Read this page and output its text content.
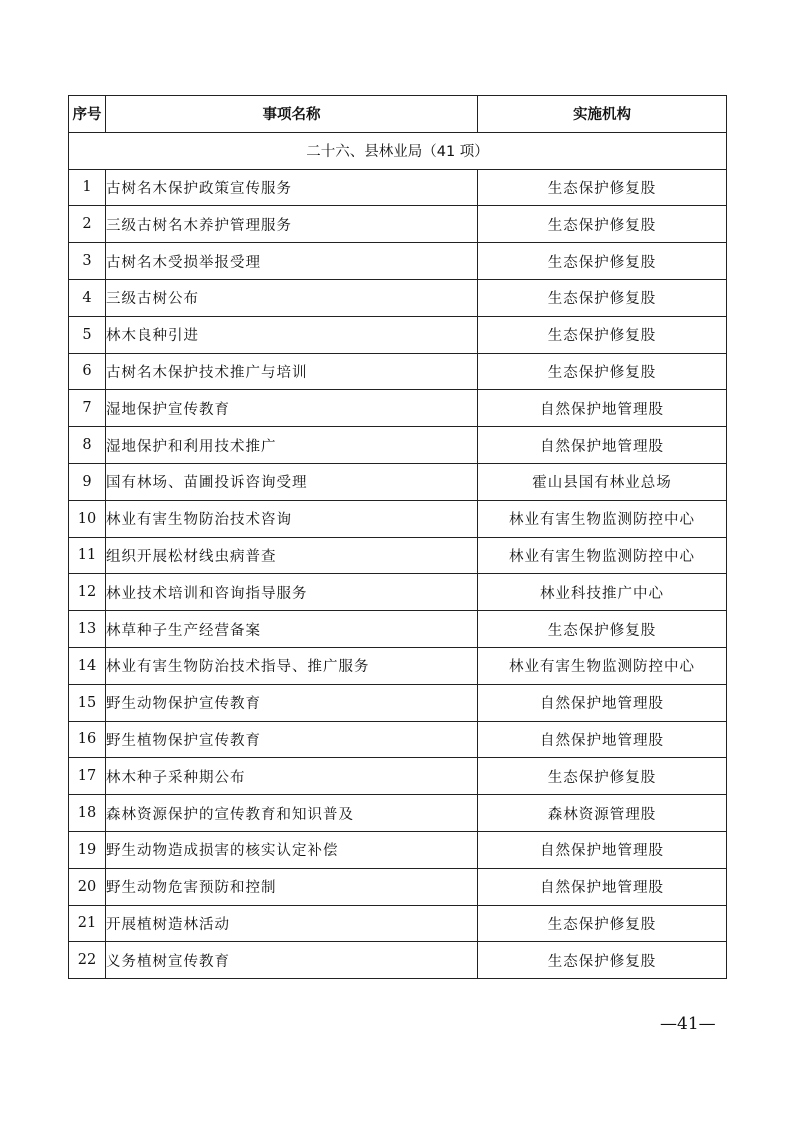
序号	事项名称	实施机构
二十六、县林业局（41 项）		
1	古树名木保护政策宣传服务	生态保护修复股
2	三级古树名木养护管理服务	生态保护修复股
3	古树名木受损举报受理	生态保护修复股
4	三级古树公布	生态保护修复股
5	林木良种引进	生态保护修复股
6	古树名木保护技术推广与培训	生态保护修复股
7	湿地保护宣传教育	自然保护地管理股
8	湿地保护和利用技术推广	自然保护地管理股
9	国有林场、苗圃投诉咨询受理	霍山县国有林业总场
10	林业有害生物防治技术咨询	林业有害生物监测防控中心
11	组织开展松材线虫病普查	林业有害生物监测防控中心
12	林业技术培训和咨询指导服务	林业科技推广中心
13	林草种子生产经营备案	生态保护修复股
14	林业有害生物防治技术指导、推广服务	林业有害生物监测防控中心
15	野生动物保护宣传教育	自然保护地管理股
16	野生植物保护宣传教育	自然保护地管理股
17	林木种子采种期公布	生态保护修复股
18	森林资源保护的宣传教育和知识普及	森林资源管理股
19	野生动物造成损害的核实认定补偿	自然保护地管理股
20	野生动物危害预防和控制	自然保护地管理股
21	开展植树造林活动	生态保护修复股
22	义务植树宣传教育	生态保护修复股
—41—
